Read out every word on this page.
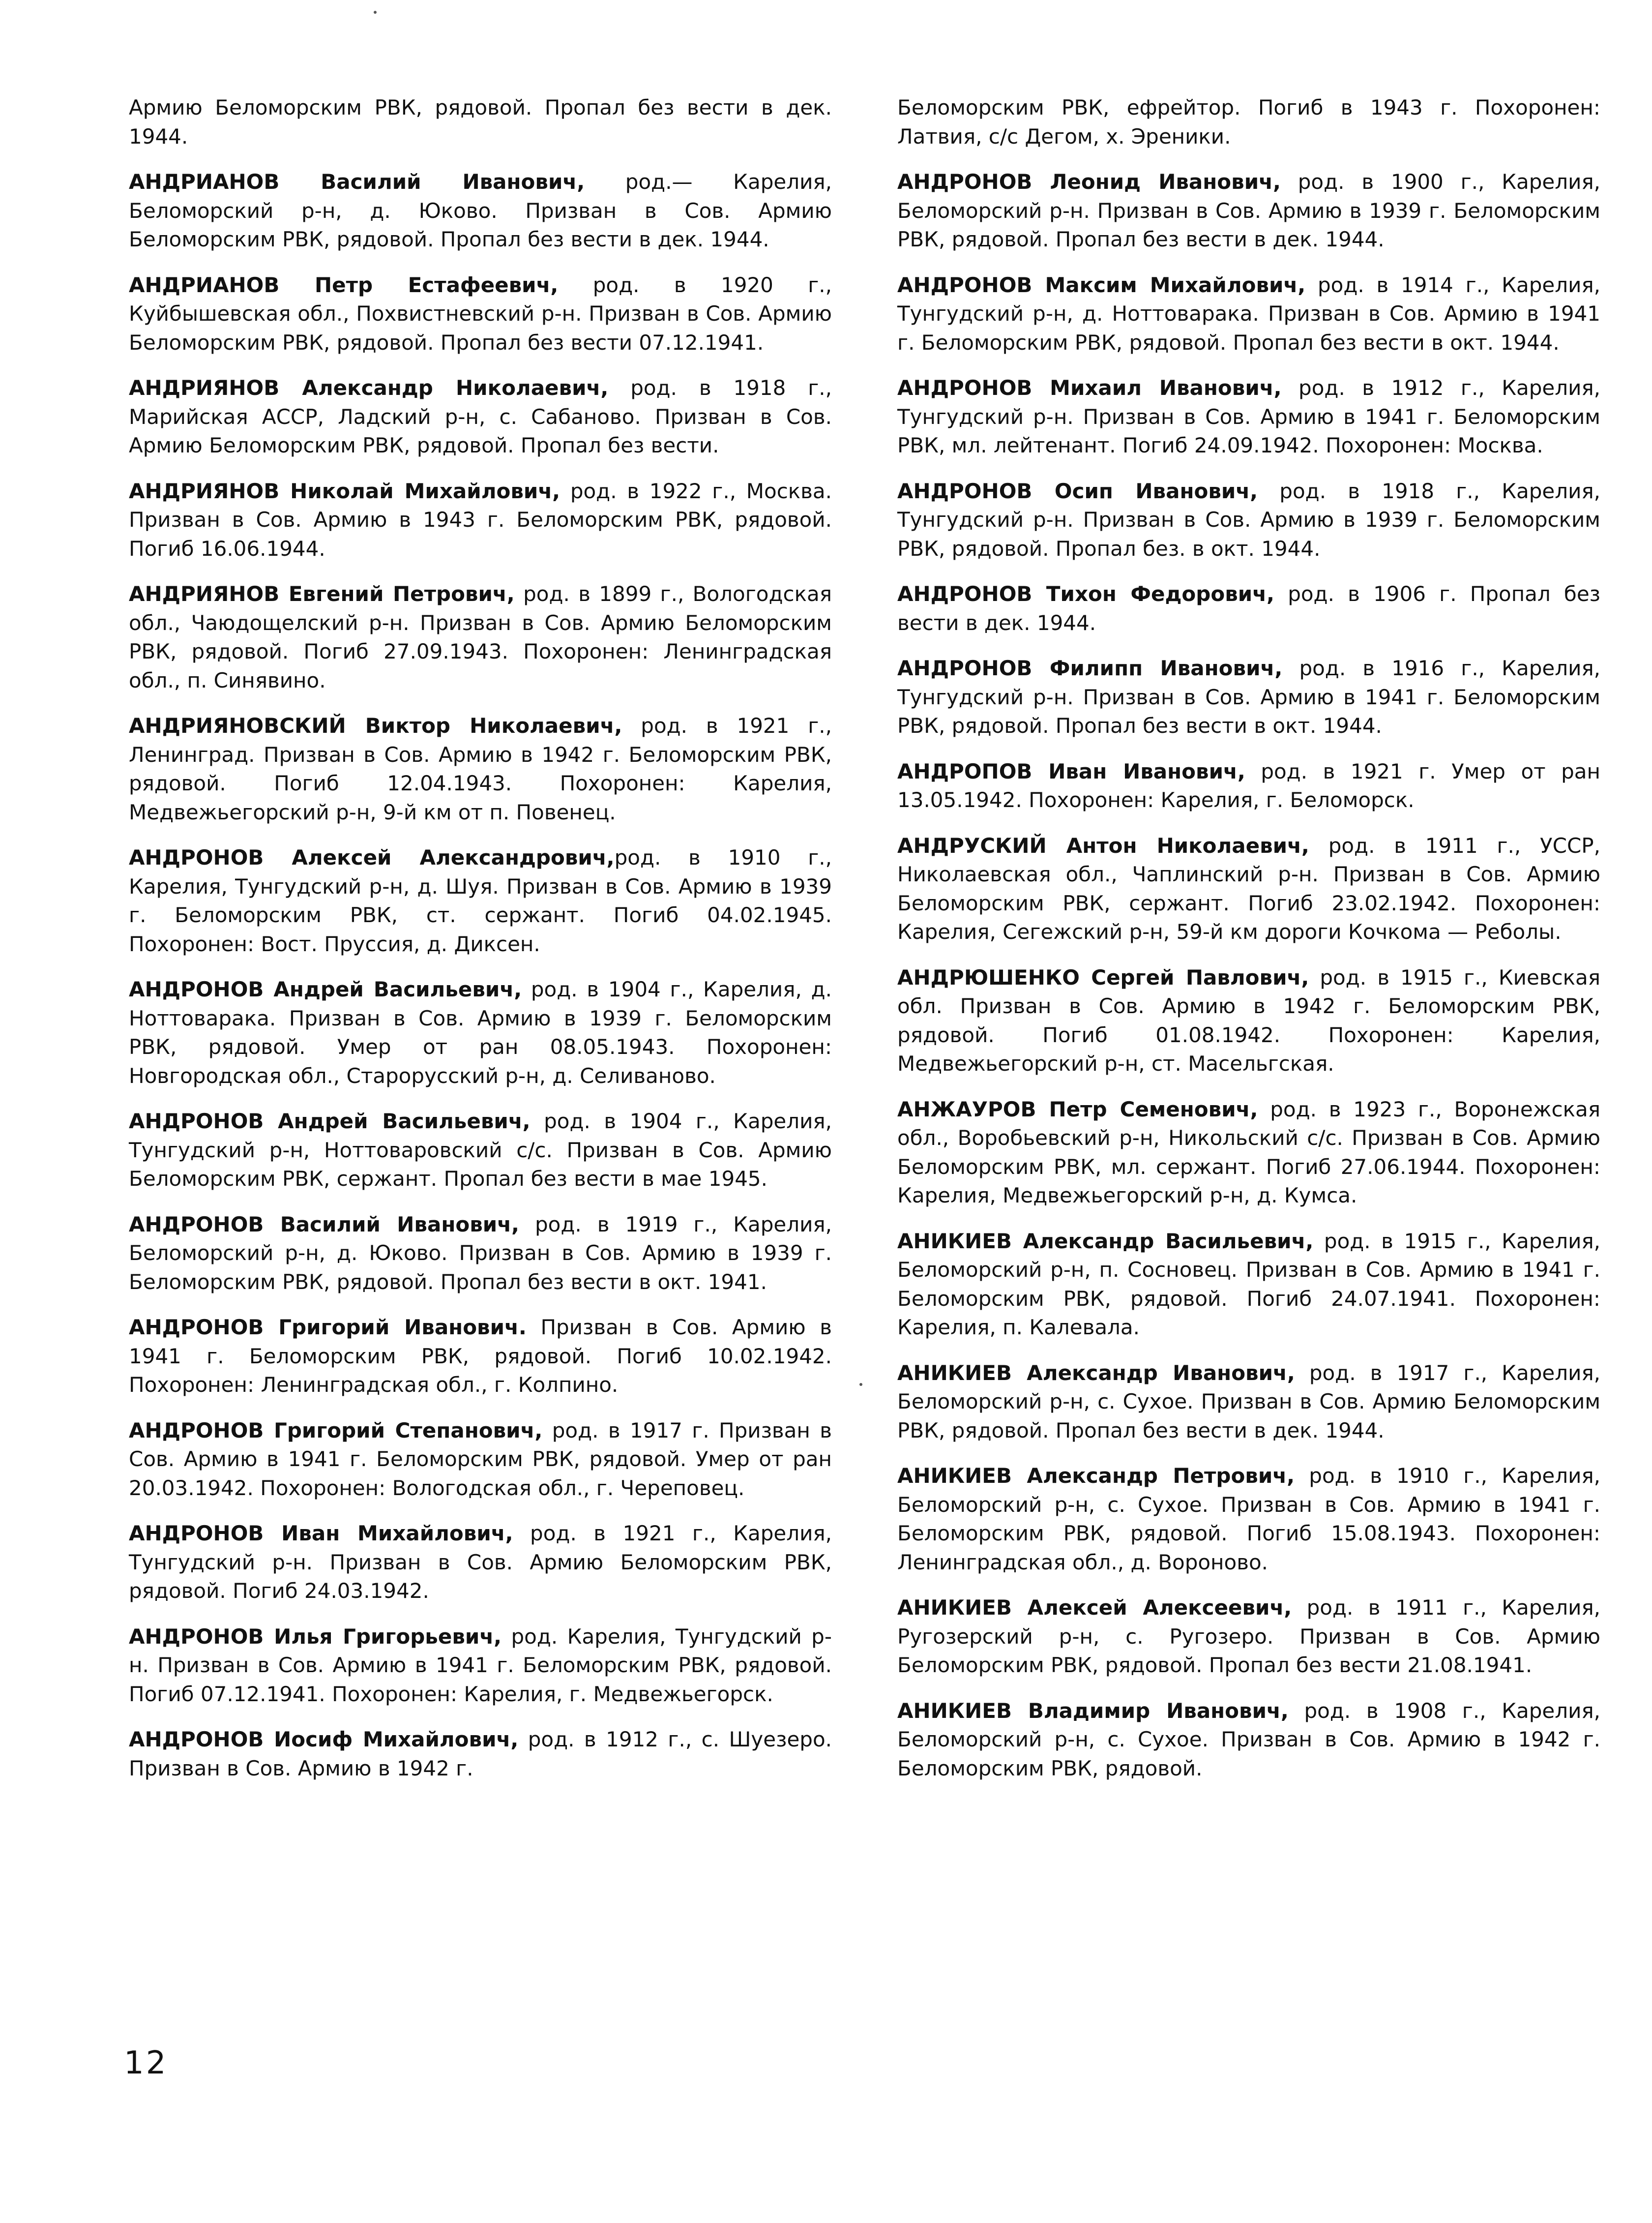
Армию Беломорским РВК, рядовой. Пропал без вести в дек. 1944.

АНДРИАНОВ Василий Иванович, род.— Карелия, Беломорский р-н, д. Юково. Призван в Сов. Армию Беломорским РВК, рядовой. Пропал без вести в дек. 1944.

АНДРИАНОВ Петр Естафеевич, род. в 1920 г., Куйбышевская обл., Похвистневский р-н. Призван в Сов. Армию Беломорским РВК, рядовой. Пропал без вести 07.12.1941.

АНДРИЯНОВ Александр Николаевич, род. в 1918 г., Марийская АССР, Ладский р-н, с. Сабаново. Призван в Сов. Армию Беломорским РВК, рядовой. Пропал без вести.

АНДРИЯНОВ Николай Михайлович, род. в 1922 г., Москва. Призван в Сов. Армию в 1943 г. Беломорским РВК, рядовой. Погиб 16.06.1944.

АНДРИЯНОВ Евгений Петрович, род. в 1899 г., Вологодская обл., Чаюдощелский р-н. Призван в Сов. Армию Беломорским РВК, рядовой. Погиб 27.09.1943. Похоронен: Ленинградская обл., п. Синявино.

АНДРИЯНОВСКИЙ Виктор Николаевич, род. в 1921 г., Ленинград. Призван в Сов. Армию в 1942 г. Беломорским РВК, рядовой. Погиб 12.04.1943. Похоронен: Карелия, Медвежьегорский р-н, 9-й км от п. Повенец.

АНДРОНОВ Алексей Александрович,род. в 1910 г., Карелия, Тунгудский р-н, д. Шуя. Призван в Сов. Армию в 1939 г. Беломорским РВК, ст. сержант. Погиб 04.02.1945. Похоронен: Вост. Пруссия, д. Диксен.

АНДРОНОВ Андрей Васильевич, род. в 1904 г., Карелия, д. Ноттоварака. Призван в Сов. Армию в 1939 г. Беломорским РВК, рядовой. Умер от ран 08.05.1943. Похоронен: Новгородская обл., Старорусский р-н, д. Селиваново.

АНДРОНОВ Андрей Васильевич, род. в 1904 г., Карелия, Тунгудский р-н, Ноттоваровский с/с. Призван в Сов. Армию Беломорским РВК, сержант. Пропал без вести в мае 1945.

АНДРОНОВ Василий Иванович, род. в 1919 г., Карелия, Беломорский р-н, д. Юково. Призван в Сов. Армию в 1939 г. Беломорским РВК, рядовой. Пропал без вести в окт. 1941.

АНДРОНОВ Григорий Иванович. Призван в Сов. Армию в 1941 г. Беломорским РВК, рядовой. Погиб 10.02.1942. Похоронен: Ленинградская обл., г. Колпино.

АНДРОНОВ Григорий Степанович, род. в 1917 г. Призван в Сов. Армию в 1941 г. Беломорским РВК, рядовой. Умер от ран 20.03.1942. Похоронен: Вологодская обл., г. Череповец.

АНДРОНОВ Иван Михайлович, род. в 1921 г., Карелия, Тунгудский р-н. Призван в Сов. Армию Беломорским РВК, рядовой. Погиб 24.03.1942.

АНДРОНОВ Илья Григорьевич, род. Карелия, Тунгудский р-н. Призван в Сов. Армию в 1941 г. Беломорским РВК, рядовой. Погиб 07.12.1941. Похоронен: Карелия, г. Медвежьегорск.

АНДРОНОВ Иосиф Михайлович, род. в 1912 г., с. Шуезеро. Призван в Сов. Армию в 1942 г.

Беломорским РВК, ефрейтор. Погиб в 1943 г. Похоронен: Латвия, с/с Дегом, х. Эреники.

АНДРОНОВ Леонид Иванович, род. в 1900 г., Карелия, Беломорский р-н. Призван в Сов. Армию в 1939 г. Беломорским РВК, рядовой. Пропал без вести в дек. 1944.

АНДРОНОВ Максим Михайлович, род. в 1914 г., Карелия, Тунгудский р-н, д. Ноттоварака. Призван в Сов. Армию в 1941 г. Беломорским РВК, рядовой. Пропал без вести в окт. 1944.

АНДРОНОВ Михаил Иванович, род. в 1912 г., Карелия, Тунгудский р-н. Призван в Сов. Армию в 1941 г. Беломорским РВК, мл. лейтенант. Погиб 24.09.1942. Похоронен: Москва.

АНДРОНОВ Осип Иванович, род. в 1918 г., Карелия, Тунгудский р-н. Призван в Сов. Армию в 1939 г. Беломорским РВК, рядовой. Пропал без. в окт. 1944.

АНДРОНОВ Тихон Федорович, род. в 1906 г. Пропал без вести в дек. 1944.

АНДРОНОВ Филипп Иванович, род. в 1916 г., Карелия, Тунгудский р-н. Призван в Сов. Армию в 1941 г. Беломорским РВК, рядовой. Пропал без вести в окт. 1944.

АНДРОПОВ Иван Иванович, род. в 1921 г. Умер от ран 13.05.1942. Похоронен: Карелия, г. Беломорск.

АНДРУСКИЙ Антон Николаевич, род. в 1911 г., УССР, Николаевская обл., Чаплинский р-н. Призван в Сов. Армию Беломорским РВК, сержант. Погиб 23.02.1942. Похоронен: Карелия, Сегежский р-н, 59-й км дороги Кочкома — Реболы.

АНДРЮШЕНКО Сергей Павлович, род. в 1915 г., Киевская обл. Призван в Сов. Армию в 1942 г. Беломорским РВК, рядовой. Погиб 01.08.1942. Похоронен: Карелия, Медвежьегорский р-н, ст. Масельгская.

АНЖАУРОВ Петр Семенович, род. в 1923 г., Воронежская обл., Воробьевский р-н, Никольский с/с. Призван в Сов. Армию Беломорским РВК, мл. сержант. Погиб 27.06.1944. Похоронен: Карелия, Медвежьегорский р-н, д. Кумса.

АНИКИЕВ Александр Васильевич, род. в 1915 г., Карелия, Беломорский р-н, п. Сосновец. Призван в Сов. Армию в 1941 г. Беломорским РВК, рядовой. Погиб 24.07.1941. Похоронен: Карелия, п. Калевала.

АНИКИЕВ Александр Иванович, род. в 1917 г., Карелия, Беломорский р-н, с. Сухое. Призван в Сов. Армию Беломорским РВК, рядовой. Пропал без вести в дек. 1944.

АНИКИЕВ Александр Петрович, род. в 1910 г., Карелия, Беломорский р-н, с. Сухое. Призван в Сов. Армию в 1941 г. Беломорским РВК, рядовой. Погиб 15.08.1943. Похоронен: Ленинградская обл., д. Вороново.

АНИКИЕВ Алексей Алексеевич, род. в 1911 г., Карелия, Ругозерский р-н, с. Ругозеро. Призван в Сов. Армию Беломорским РВК, рядовой. Пропал без вести 21.08.1941.

АНИКИЕВ Владимир Иванович, род. в 1908 г., Карелия, Беломорский р-н, с. Сухое. Призван в Сов. Армию в 1942 г. Беломорским РВК, рядовой.

12
